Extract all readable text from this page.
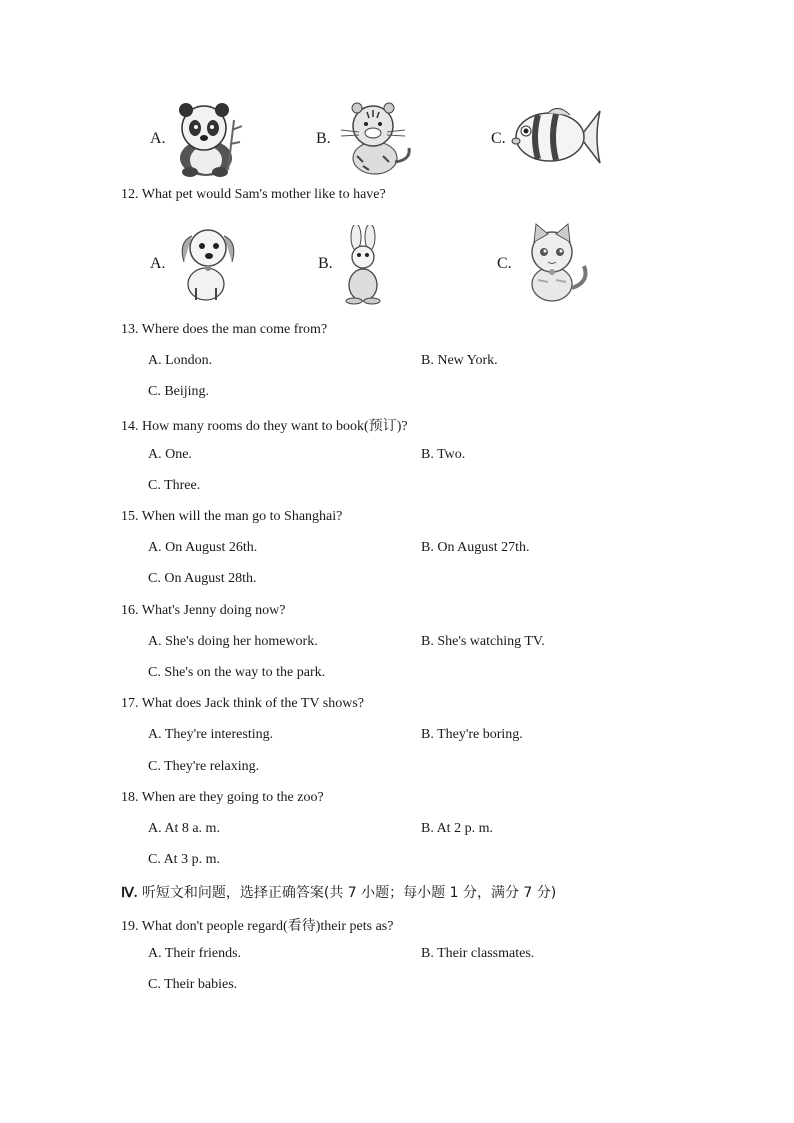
A.	B.	C.
12. What pet would Sam's mother like to have?
A.	B.	C.
13. Where does the man come from?
A. London.	B. New York.
C. Beijing.
14. How many rooms do they want to book(预订)?
A. One.	B. Two.
C. Three.
15. When will the man go to Shanghai?
A. On August 26th.	B. On August 27th.
C. On August 28th.
16. What's Jenny doing now?
A. She's doing her homework.	B. She's watching TV.
C. She's on the way to the park.
17. What does Jack think of the TV shows?
A. They're interesting.	B. They're boring.
C. They're relaxing.
18. When are they going to the zoo?
A. At 8 a. m.	B. At 2 p. m.
C. At 3 p. m.
Ⅳ. 听短文和问题，选择正确答案(共 7 小题；每小题 1 分，满分 7 分)
19. What don't people regard(看待)their pets as?
A. Their friends.	B. Their classmates.
C. Their babies.
